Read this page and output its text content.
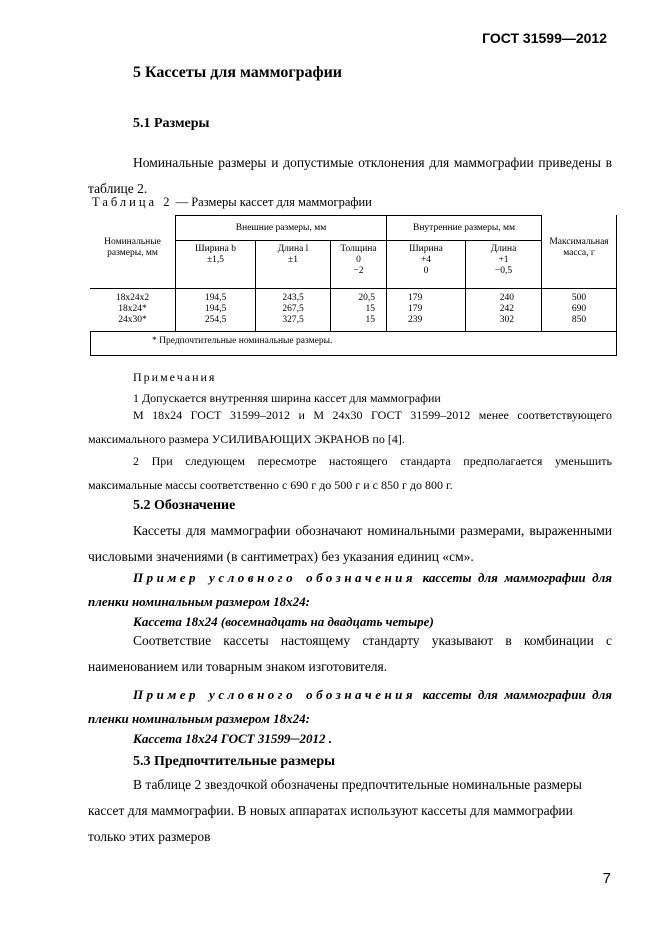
ГОСТ 31599—2012
5 Кассеты для маммографии
5.1 Размеры
Номинальные размеры и допустимые отклонения для маммографии приведены в таблице 2.
Таблица 2 — Размеры кассет для маммографии
Номинальные размеры, мм
Внешние размеры, мм	Внутренние размеры, мм
Максимальная масса, г
Ширина b
±1,5
Длина l
±1
Толщина
0
−2
Ширина
+4
0
Длина
+1
−0,5
18x24x2
18x24*
24x30*
194,5
194,5
254,5
243,5
267,5
327,5
20,5
15
15
179
179
239
240
242
302
500
690
850
* Предпочтительные номинальные размеры.
Примечания
1 Допускается внутренняя ширина кассет для маммографии
М 18x24 ГОСТ 31599–2012 и М 24x30 ГОСТ 31599–2012 менее соответствующего максимального размера УСИЛИВАЮЩИХ ЭКРАНОВ по [4].
2 При следующем пересмотре настоящего стандарта предполагается уменьшить максимальные массы соответственно с 690 г до 500 г и с 850 г до 800 г.
5.2 Обозначение
Кассеты для маммографии обозначают номинальными размерами, выраженными числовыми значениями (в сантиметрах) без указания единиц «см».
Пример условного обозначения кассеты для маммографии для пленки номинальным размером 18x24:
Кассета 18x24 (восемнадцать на двадцать четыре)
Соответствие кассеты настоящему стандарту указывают в комбинации с наименованием или товарным знаком изготовителя.
Пример условного обозначения кассеты для маммографии для пленки номинальным размером 18x24:
Кассета 18x24 ГОСТ 31599─2012 .
5.3 Предпочтительные размеры
В таблице 2 звездочкой обозначены предпочтительные номинальные размеры
кассет для маммографии. В новых аппаратах используют кассеты для маммографии
только этих размеров
7
